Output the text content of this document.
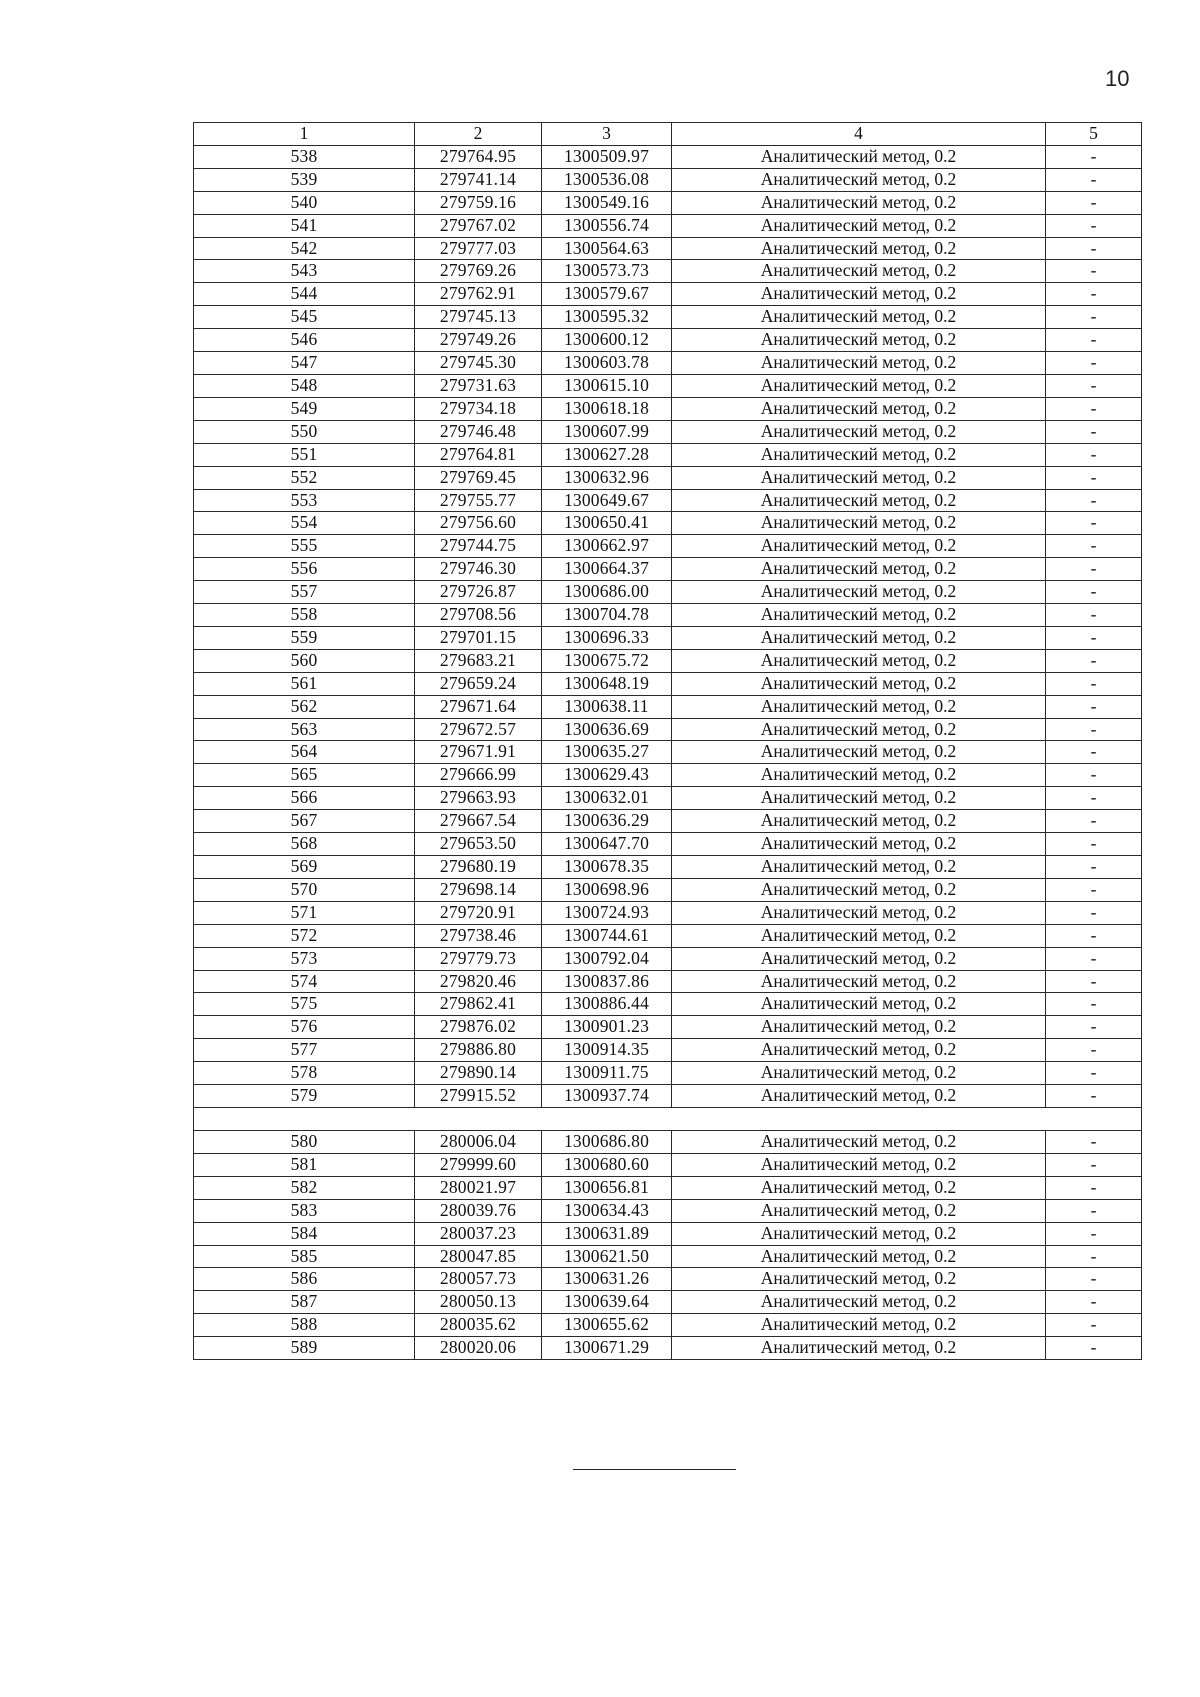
10
1	2	3	4	5
538	279764.95	1300509.97	Аналитический метод, 0.2	-
539	279741.14	1300536.08	Аналитический метод, 0.2	-
540	279759.16	1300549.16	Аналитический метод, 0.2	-
541	279767.02	1300556.74	Аналитический метод, 0.2	-
542	279777.03	1300564.63	Аналитический метод, 0.2	-
543	279769.26	1300573.73	Аналитический метод, 0.2	-
544	279762.91	1300579.67	Аналитический метод, 0.2	-
545	279745.13	1300595.32	Аналитический метод, 0.2	-
546	279749.26	1300600.12	Аналитический метод, 0.2	-
547	279745.30	1300603.78	Аналитический метод, 0.2	-
548	279731.63	1300615.10	Аналитический метод, 0.2	-
549	279734.18	1300618.18	Аналитический метод, 0.2	-
550	279746.48	1300607.99	Аналитический метод, 0.2	-
551	279764.81	1300627.28	Аналитический метод, 0.2	-
552	279769.45	1300632.96	Аналитический метод, 0.2	-
553	279755.77	1300649.67	Аналитический метод, 0.2	-
554	279756.60	1300650.41	Аналитический метод, 0.2	-
555	279744.75	1300662.97	Аналитический метод, 0.2	-
556	279746.30	1300664.37	Аналитический метод, 0.2	-
557	279726.87	1300686.00	Аналитический метод, 0.2	-
558	279708.56	1300704.78	Аналитический метод, 0.2	-
559	279701.15	1300696.33	Аналитический метод, 0.2	-
560	279683.21	1300675.72	Аналитический метод, 0.2	-
561	279659.24	1300648.19	Аналитический метод, 0.2	-
562	279671.64	1300638.11	Аналитический метод, 0.2	-
563	279672.57	1300636.69	Аналитический метод, 0.2	-
564	279671.91	1300635.27	Аналитический метод, 0.2	-
565	279666.99	1300629.43	Аналитический метод, 0.2	-
566	279663.93	1300632.01	Аналитический метод, 0.2	-
567	279667.54	1300636.29	Аналитический метод, 0.2	-
568	279653.50	1300647.70	Аналитический метод, 0.2	-
569	279680.19	1300678.35	Аналитический метод, 0.2	-
570	279698.14	1300698.96	Аналитический метод, 0.2	-
571	279720.91	1300724.93	Аналитический метод, 0.2	-
572	279738.46	1300744.61	Аналитический метод, 0.2	-
573	279779.73	1300792.04	Аналитический метод, 0.2	-
574	279820.46	1300837.86	Аналитический метод, 0.2	-
575	279862.41	1300886.44	Аналитический метод, 0.2	-
576	279876.02	1300901.23	Аналитический метод, 0.2	-
577	279886.80	1300914.35	Аналитический метод, 0.2	-
578	279890.14	1300911.75	Аналитический метод, 0.2	-
579	279915.52	1300937.74	Аналитический метод, 0.2	-

580	280006.04	1300686.80	Аналитический метод, 0.2	-
581	279999.60	1300680.60	Аналитический метод, 0.2	-
582	280021.97	1300656.81	Аналитический метод, 0.2	-
583	280039.76	1300634.43	Аналитический метод, 0.2	-
584	280037.23	1300631.89	Аналитический метод, 0.2	-
585	280047.85	1300621.50	Аналитический метод, 0.2	-
586	280057.73	1300631.26	Аналитический метод, 0.2	-
587	280050.13	1300639.64	Аналитический метод, 0.2	-
588	280035.62	1300655.62	Аналитический метод, 0.2	-
589	280020.06	1300671.29	Аналитический метод, 0.2	-
